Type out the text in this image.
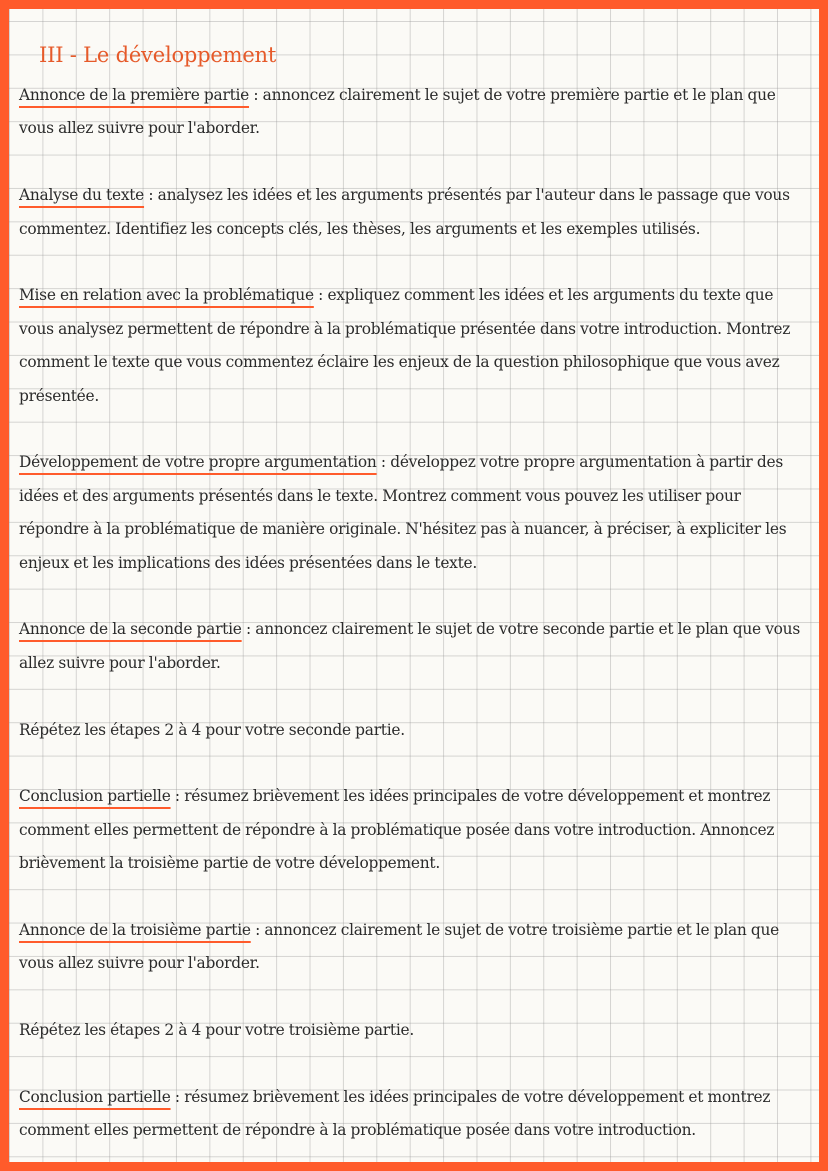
III - Le développement

Annonce de la première partie : annoncez clairement le sujet de votre première partie et le plan que vous allez suivre pour l'aborder.

Analyse du texte : analysez les idées et les arguments présentés par l'auteur dans le passage que vous commentez. Identifiez les concepts clés, les thèses, les arguments et les exemples utilisés.

Mise en relation avec la problématique : expliquez comment les idées et les arguments du texte que vous analysez permettent de répondre à la problématique présentée dans votre introduction. Montrez comment le texte que vous commentez éclaire les enjeux de la question philosophique que vous avez présentée.

Développement de votre propre argumentation : développez votre propre argumentation à partir des idées et des arguments présentés dans le texte. Montrez comment vous pouvez les utiliser pour répondre à la problématique de manière originale. N'hésitez pas à nuancer, à préciser, à expliciter les enjeux et les implications des idées présentées dans le texte.

Annonce de la seconde partie : annoncez clairement le sujet de votre seconde partie et le plan que vous allez suivre pour l'aborder.

Répétez les étapes 2 à 4 pour votre seconde partie.

Conclusion partielle : résumez brièvement les idées principales de votre développement et montrez comment elles permettent de répondre à la problématique posée dans votre introduction. Annoncez brièvement la troisième partie de votre développement.

Annonce de la troisième partie : annoncez clairement le sujet de votre troisième partie et le plan que vous allez suivre pour l'aborder.

Répétez les étapes 2 à 4 pour votre troisième partie.

Conclusion partielle : résumez brièvement les idées principales de votre développement et montrez comment elles permettent de répondre à la problématique posée dans votre introduction.
